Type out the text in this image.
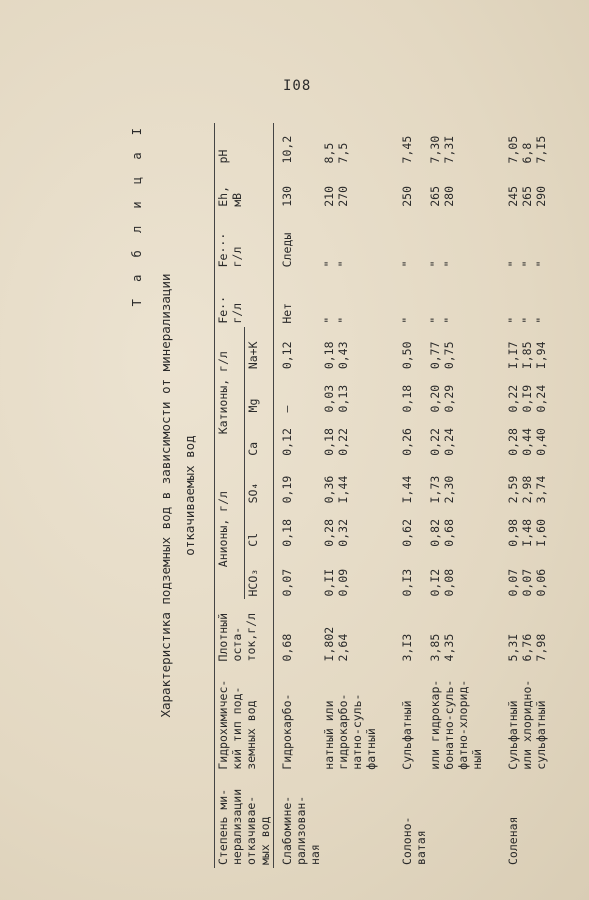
I08
Т а б л и ц а I
Характеристика подземных вод в зависимости от минерализации откачиваемых вод
Степень ми-
нерализации
откачивае-
мых вод	Гидрохимичес-
кий тип под-
земных вод	Плотный
оста-
ток,г/л	Анионы, г/л			Катионы, г/л			Fe··
г/л	Fe···
г/л	Eh,
мВ	pH
			HCO₃	Cl	SO₄	Ca	Mg	Na+K				
Слабомине-
рализован-
ная	Гидрокарбо-	0,68	0,07	0,18	0,19	0,12	–	0,12	Нет	Следы	130	10,2
	натный или	I,802	0,II	0,28	0,36	0,18	0,03	0,18	"	"	210	8,5
	гидрокарбо-	2,64	0,09	0,32	I,44	0,22	0,13	0,43	"	"	270	7,5
	натно-суль-											
	фатный											

Солоно-
ватая	Сульфатный	3,I3	0,I3	0,62	I,44	0,26	0,18	0,50	"	"	250	7,45
	или гидрокар-	3,85	0,I2	0,82	I,73	0,22	0,20	0,77	"	"	265	7,30
	бонатно-суль-	4,35	0,08	0,68	2,30	0,24	0,29	0,75	"	"	280	7,3I
	фатно-хлорид-											
	ный											

Соленая	Сульфатный	5,3I	0,07	0,98	2,59	0,28	0,22	I,I7	"	"	245	7,05
	или хлоридно-	6,76	0,07	I,48	2,98	0,44	0,I9	I,85	"	"	265	6,8
	сульфатный	7,98	0,06	I,60	3,74	0,40	0,24	I,94	"	"	290	7,I5
